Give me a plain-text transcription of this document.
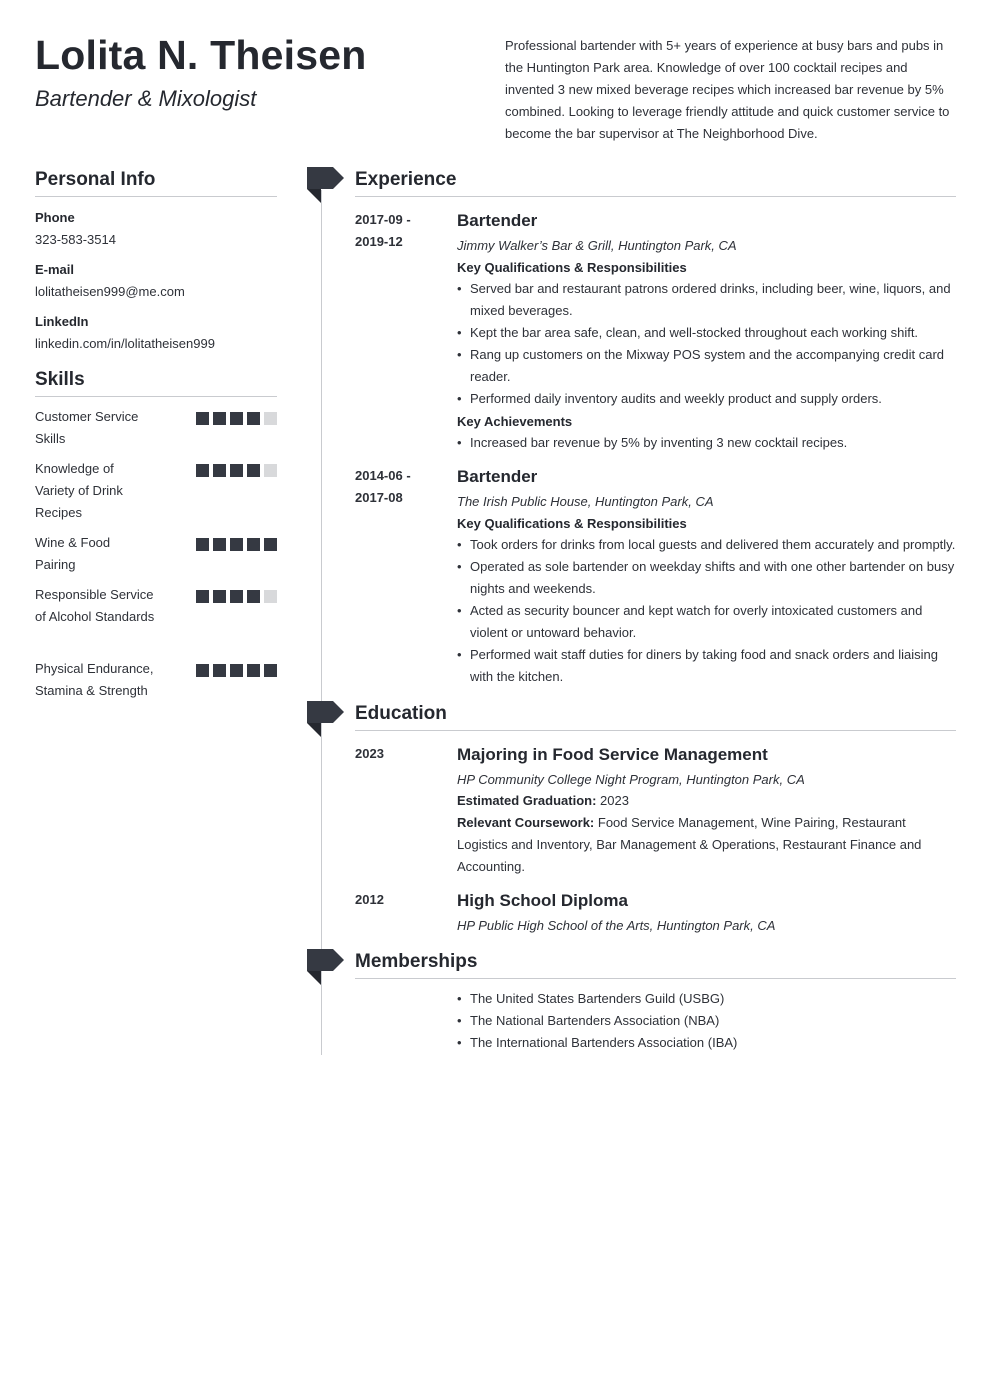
Lolita N. Theisen
Bartender & Mixologist
Professional bartender with 5+ years of experience at busy bars and pubs in the Huntington Park area. Knowledge of over 100 cocktail recipes and invented 3 new mixed beverage recipes which increased bar revenue by 5% combined. Looking to leverage friendly attitude and quick customer service to become the bar supervisor at The Neighborhood Dive.
Personal Info
Phone
323-583-3514
E-mail
lolitatheisen999@me.com
LinkedIn
linkedin.com/in/lolitatheisen999
Skills
Customer Service Skills
Knowledge of Variety of Drink Recipes
Wine & Food Pairing
Responsible Service of Alcohol Standards
Physical Endurance, Stamina & Strength
Experience
2017-09 -
2019-12
Bartender
Jimmy Walker’s Bar & Grill, Huntington Park, CA
Key Qualifications & Responsibilities
• Served bar and restaurant patrons ordered drinks, including beer, wine, liquors, and mixed beverages.
• Kept the bar area safe, clean, and well-stocked throughout each working shift.
• Rang up customers on the Mixway POS system and the accompanying credit card reader.
• Performed daily inventory audits and weekly product and supply orders.
Key Achievements
• Increased bar revenue by 5% by inventing 3 new cocktail recipes.
2014-06 -
2017-08
Bartender
The Irish Public House, Huntington Park, CA
Key Qualifications & Responsibilities
• Took orders for drinks from local guests and delivered them accurately and promptly.
• Operated as sole bartender on weekday shifts and with one other bartender on busy nights and weekends.
• Acted as security bouncer and kept watch for overly intoxicated customers and violent or untoward behavior.
• Performed wait staff duties for diners by taking food and snack orders and liaising with the kitchen.
Education
2023	Majoring in Food Service Management
HP Community College Night Program, Huntington Park, CA
Estimated Graduation: 2023
Relevant Coursework: Food Service Management, Wine Pairing, Restaurant Logistics and Inventory, Bar Management & Operations, Restaurant Finance and Accounting.
2012	High School Diploma
HP Public High School of the Arts, Huntington Park, CA
Memberships
• The United States Bartenders Guild (USBG)
• The National Bartenders Association (NBA)
• The International Bartenders Association (IBA)
